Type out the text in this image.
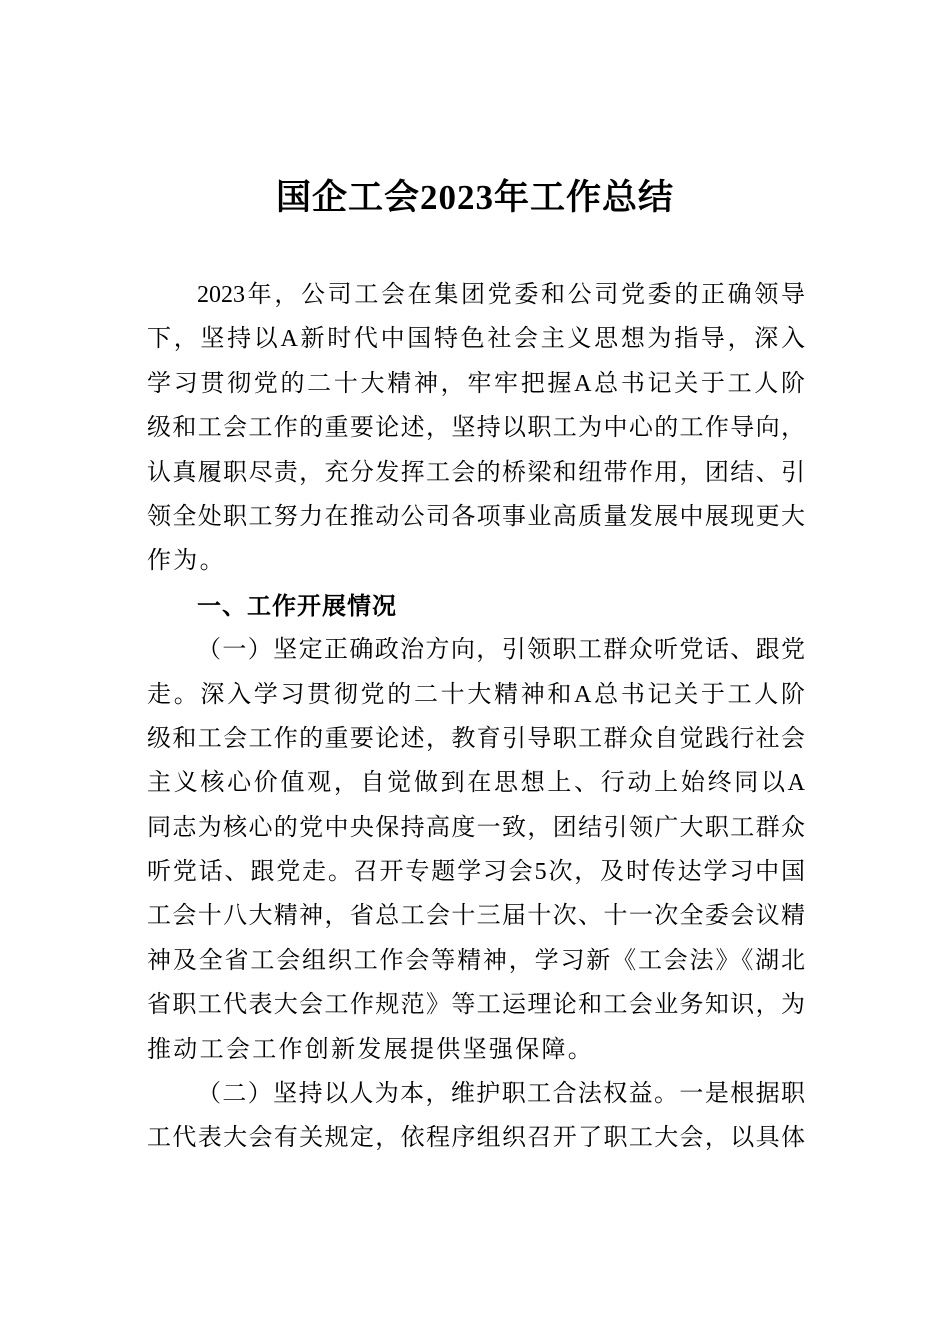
国企工会2023年工作总结
2023年，公司工会在集团党委和公司党委的正确领导
下，坚持以A新时代中国特色社会主义思想为指导，深入
学习贯彻党的二十大精神，牢牢把握A总书记关于工人阶
级和工会工作的重要论述，坚持以职工为中心的工作导向，
认真履职尽责，充分发挥工会的桥梁和纽带作用，团结、引
领全处职工努力在推动公司各项事业高质量发展中展现更大
作为。
一、工作开展情况
（一）坚定正确政治方向，引领职工群众听党话、跟党
走。深入学习贯彻党的二十大精神和A总书记关于工人阶
级和工会工作的重要论述，教育引导职工群众自觉践行社会
主义核心价值观，自觉做到在思想上、行动上始终同以A
同志为核心的党中央保持高度一致，团结引领广大职工群众
听党话、跟党走。召开专题学习会5次，及时传达学习中国
工会十八大精神，省总工会十三届十次、十一次全委会议精
神及全省工会组织工作会等精神，学习新《工会法》《湖北
省职工代表大会工作规范》等工运理论和工会业务知识，为
推动工会工作创新发展提供坚强保障。
（二）坚持以人为本，维护职工合法权益。一是根据职
工代表大会有关规定，依程序组织召开了职工大会，以具体
